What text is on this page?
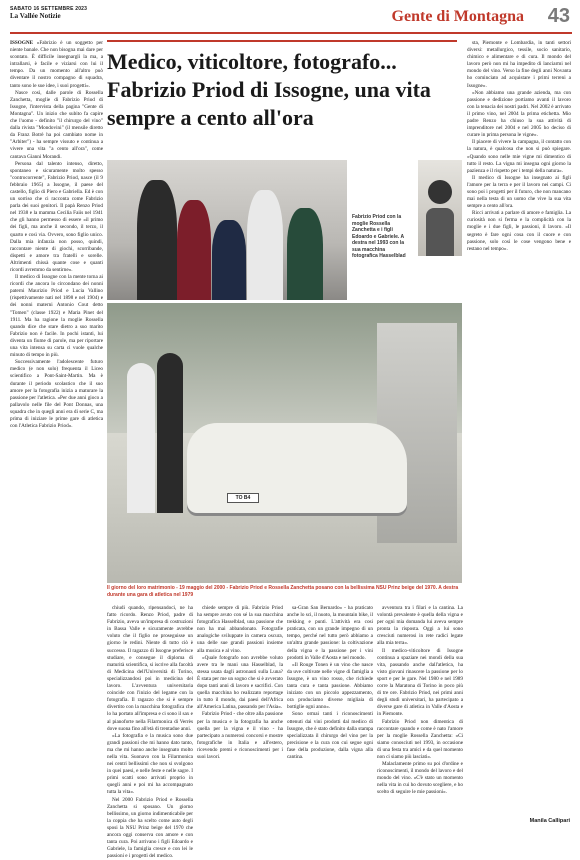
SABATO 16 SETTEMBRE 2023
La Vallée Notizie	Gente di Montagna 43

ISSOGNE «Fabrizio è un soggetto per niente banale. Che non bisogna mai dare per scontato. È difficile insegnargli la ma, a intrallarsi, è facile e viziarsi con lui il tempo. Da un momento all'altro può diventare il nostro compagno di squadra, tanto sono le sue idee, i suoi progetti».

Nasce così, dalle parole di Rossella Zanchetta, moglie di Fabrizio Priod di Issogne, l'intervista della pagina "Gente di Montagna". Un inizio che subito fa capire che l'uomo - definito "il chirurgo del vino" dalla rivista "Mondovini" (il mensile diretto da Franz Botrè ha poi cambiato nome in "Arbiter") - ha sempre vissuto e continua a vivere una vita "a cento all'ora", come cantava Gianni Morandi.

Persona dal talento intenso, diretto, spontaneo e sicuramente molto spesso "controcorrente", Fabrizio Priod, nasce (il 9 febbraio 1965) a Issogne, il paese del castello, figlio di Piero e Gabriella. Ed è con un sorriso che ci racconta come Fabrizio parla dei suoi genitori. Il papà Renzo Priod nel 1938 e la mamma Cecilia Faiis nel 1941 che gli hanno permesso di essere «il primo dei figli, ma anche il secondo, il terzo, il quarto e così via. Ovvero, sono figlio unico. Dalla mia infanzia non posso, quindi, raccontare niente di giochi, scorribande, dispetti e amore tra fratelli e sorelle. Altrimenti chissà quante cose e quanti ricordi avremmo da sentirne».

Il medico di Issogne con la mente torna ai ricordi che ancora lo circondano dei nonni paterni Maurizio Priod e Lucia Vallino (rispettivamente nati nel 1898 e nel 1904) e dei nonni materni Antonio Cout detto "Tomen" (classe 1922) e Maria Pinet del 1911. Ma ha ragione la moglie Rossella quando dice che stare dietro a suo marito Fabrizio non è facile. In pochi istanti, lui diventa un fiume di parole, ma per riportare una vita intensa su carta ci vuole qualche minuto di tempo in più.

Successivamente l'adolescente futuro medico (e non solo) frequenta il Liceo scientifico a Pont-Saint-Martin. Ma è durante il periodo scolastico che il suo amore per la fotografia inizia a maturare la passione per l'atletica. «Per due anni gioco a pallavolo nelle file del Pont Donnas, una squadra che in quegli anni era di serie C, ma prima di iniziare le prime gare di atletica con l'Atletica Fabrizio Priod».

Medico, viticoltore, fotografo... Fabrizio Priod di Issogne, una vita sempre a cento all'ora
Fabrizio Priod con la moglie Rossella Zanchetta e i figli Edoardo e Gabriele. A destra nel 1993 con la sua macchina fotografica Hasselblad

sta, Piemonte e Lombardia, in tanti settori diversi: metallurgico, tessile, socio sanitario, chimico e alimentare e di cura. Il mondo del lavoro però non mi ha impedito di lanciarmi nel mondo del vino. Verso la fine degli anni Novanta ho cominciato ad acquistare i primi terreni a Issogne».

«Non abbiamo una grande azienda, ma con passione e dedizione portiamo avanti il lavoro con la tenacia dei nostri padri. Nel 2002 è arrivato il primo vino, nel 2004 la prima etichetta. Mio padre Renzo ha chiuso la sua attività di imprenditore nel 2004 e nel 2005 ho deciso di curare in prima persona le vigne».

Il piacere di vivere la campagna, il contatto con la natura, è qualcosa che non si può spiegare. «Quando sono nelle mie vigne mi dimentico di tutto il resto. La vigna mi insegna ogni giorno la pazienza e il rispetto per i tempi della natura».

Il medico di Issogne ha insegnato ai figli l'amore per la terra e per il lavoro nei campi. Ci sono poi i progetti per il futuro, che non mancano mai nella testa di un uomo che vive la sua vita sempre a cento all'ora.

Ricci arrivati a parlare di amore e famiglia. La curiosità non si ferma e la complicità con la moglie e i due figli, le passioni, il lavoro. «Il segreto è fare ogni cosa con il cuore e con passione, solo così le cose vengono bene e restano nel tempo».

TO B4
Il giorno del loro matrimonio - 19 maggio del 2000 - Fabrizio Priod e Rossella Zanchetta posano con la bellissima NSU Prinz beige del 1970. A destra durante una gara di atletica nel 1979

chiudi quando, ripensandoci, ne ha fatto ricordo. Renzo Priod, padre di Fabrizio, aveva un'impresa di costruzioni in Bassa Valle e sicuramente avrebbe voluto che il figlio ne proseguisse un giorno le redini. Niente di tutto ciò è successo. Il ragazzo di Issogne preferisce studiare, e consegue il diploma di maturità scientifica, si iscrive alla facoltà di Medicina dell'Università di Torino, specializzandosi poi in medicina del lavoro. L'avventura universitaria coincide con l'inizio del legame con la fotografia. Il ragazzo che si è sempre divertito con la macchina fotografica che lo ha portato all'impresa e ci sono il sax e al pianoforte nella Filarmonica di Verrès dove suona fino all'età di trentadue anni.

«La fotografia e la musica sono due grandi passioni che mi hanno dato tanto, ma che mi hanno anche insegnato molto nella vita. Suonavo con la Filarmonica nei centri bellissimi che non si svolgono in quei paesi, e nelle feste e nelle sagre. I primi scatti sono arrivati proprio in quegli anni e poi mi ha accompagnato tutta la vita».

Nel 2000 Fabrizio Priod e Rossella Zanchetta si sposano. Un giorno bellissimo, un giorno indimenticabile per la coppia che ha scelto come auto degli sposi la NSU Prinz beige del 1970 che ancora oggi conserva con amore e con tanta cura. Poi arrivano i figli Edoardo e Gabriele, la famiglia cresce e con lei le passioni e i progetti del medico.

chiede sempre di più. Fabrizio Priod ha sempre avuto con sé la sua macchina fotografica Hasselblad, una passione che non ha mai abbandonato. Fotografie analogiche sviluppate in camera oscura, una delle sue grandi passioni insieme alla musica e al vino.

«Quale fotografo non avrebbe voluto avere tra le mani una Hasselblad, la stessa usata dagli astronauti sulla Luna? È stata per me un sogno che si è avverato dopo tanti anni di lavoro e sacrifici. Con quella macchina ho realizzato reportage in tutto il mondo, dai paesi dell'Africa all'America Latina, passando per l'Asia».

Fabrizio Priod - che oltre alla passione per la musica e la fotografia ha anche quella per la vigna e il vino - ha partecipato a numerosi concorsi e mostre fotografiche in Italia e all'estero, ricevendo premi e riconoscimenti per i suoi lavori.

sa-Gran San Bernardo» - ha praticato anche lo sci, il nuoto, la mountain bike, il trekking e punti. L'attività era cosi praticata, con un grande impegno di un tempo, perché nel tutto però abbiamo a un'altra grande passione: la coltivazione della vigna e la passione per i vini prodotti in Valle d'Aosta e nel mondo.

«Il Rouge Tonen è un vino che nasce da uve coltivate nelle vigne di famiglia a Issogne, è un vino rosso, che richiede tanta cura e tanta passione. Abbiamo iniziato con un piccolo appezzamento, ora produciamo diverse migliaia di bottiglie ogni anno».

Sono ormai tanti i riconoscimenti ottenuti dai vini prodotti dal medico di Issogne, che è stato definito dalla stampa specializzata il chirurgo del vino per la precisione e la cura con cui segue ogni fase della produzione, dalla vigna alla cantina.

avventura tra i filari e la cantina. La volontà prevalente è quella della vigna e per ogni mia domanda lui aveva sempre pronta la risposta. Oggi a lui sono cresciuti numerosi in rete radici legate alla mia terra».

Il medico-viticoltore di Issogne continua a spaziare nei mondi della sua vita, passando anche dall'atletica, ha visto giovani rinascere la passione per lo sport e per le gare. Nel 1980 e nel 1989 corre la Maratona di Torino in poco più di tre ore. Fabrizio Priod, nei primi anni degli studi universitari, ha partecipato a diverse gare di atletica in Valle d'Aosta e in Piemonte.

Fabrizio Priod non dimentica di raccontare quando e come è nato l'amore per la moglie Rossella Zanchetta: «Ci siamo conosciuti nel 1993, in occasione di una festa tra amici e da quel momento non ci siamo più lasciati».

Malaclamente primo su poi d'ordine e riconoscimenti, il mondo del lavoro e del mondo del vino. «C'è stato un momento nella vita in cui ho dovuto scegliere, e ho scelto di seguire le mie passioni».

Manila Callipari
